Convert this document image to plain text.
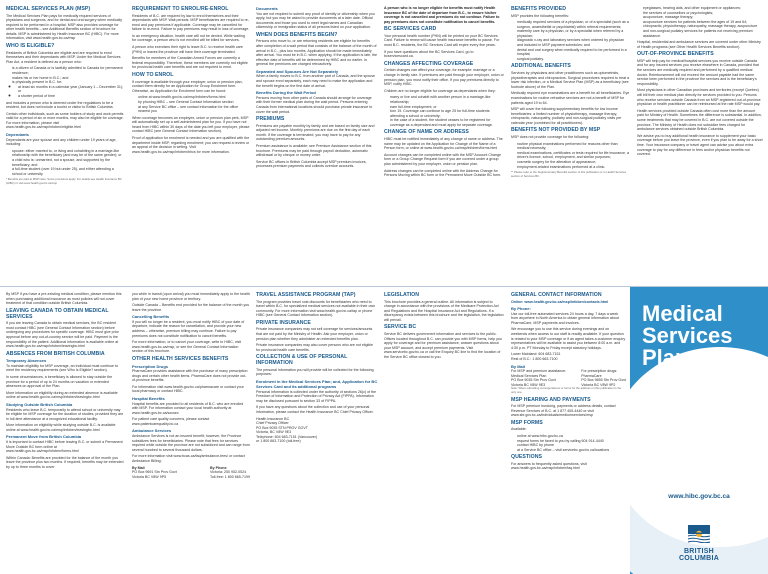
MEDICAL SERVICES PLAN (MSP)

The Medical Services Plan pays for medically required services of physicians and surgeons, and for dental and oral surgery when medically required to be performed in a hospital. MSP also provides coverage for other health benefits – see Additional Benefits section of brochure for details. MSP is administered by Health Insurance BC (HIBC). For more information, visit www.health.gov.bc.ca/msp

WHO IS ELIGIBLE?

Residents of British Columbia are eligible and are required to enrol themselves and their dependants with MSP. Under the Medical Services Plan Act, a resident is defined as a person who:

• is a citizen of Canada or is lawfully admitted to Canada for permanent residence;
• makes his or her home in B.C.; and
• is physically present in B.C. for:
◦ at least six months in a calendar year (January 1 – December 31); or
◦ a shorter period of time

and includes a person who is deemed under the regulations to be a resident, but does not include a tourist or visitor to British Columbia.

Certain other individuals, such as some holders of study and work permits valid for a period of six or more months, may also be eligible for coverage. For more information, please visit www.health.gov.bc.ca/msp/infoben/eligible.html

Dependants

Dependants are your spouse and any children under 19 years of age, including:

• spouse: either married to, or living and cohabiting in a marriage-like relationship with the beneficiary (and may be of the same gender); or
• a child who is: unmarried, not a spouse, and supported by the beneficiary; and
• a full-time student (over 19 but under 25), and either attending a school or university

* Benefits are paid at MSP rates. Some provisions apply. For details see Health Insurance BC (HIBC) or visit www.health.gov.bc.ca/msp

REQUIREMENT TO ENROL/RE-ENROL

Residents of B.C. are required by law to enrol themselves and their dependants with MSP. Wait periods: MSP beneficiaries are required to re-enrol and pay premiums if applicable. Coverage may be cancelled for failure to re-enrol. Failure to pay premiums may result in loss of coverage.

In an emergency situation, health care will not be denied. While waiting for coverage, a person who is not enrolled will be billed for services.

A person who exercises their right to leave B.C. to receive health care (PHN) or leaves the province will have their coverage terminated.

Benefits for members of the Canadian Armed Forces are currently a federal responsibility. Therefore, these members are currently not eligible for provincial health care benefits and are not required to enrol.

HOW TO ENROL

If coverage is available through your employer, union or pension plan, contact them directly for an Application for Group Enrolment form. Otherwise, an Application for Enrolment form can be found:

• online at www.health.gov.bc.ca/msp/infoben/forms.html
• by phoning HIBC – see General Contact Information section
• at any Service BC office – see contact information for the office nearest you

When coverage becomes an employee, union or pension plan perk, MSP will automatically set up a self-administered plan for you. If you have not heard from HIBC within 30 days of the date you left your employer, please contact HIBC (see General Contact Information section).

Proof of application for enrolment is needed and you are qualified with the department inside MSP, regarding enrolment; you can request a review or an appeal of the decision in writing. Visit www.health.gov.bc.ca/msp/infoben/bhcs for more information.

Documents

You are not required to submit any proof of identity or citizenship when you apply, but you may be asked to provide documents at a later date. Official documents and those you used to meet legal names and Canadian citizenship or immigration status of all persons listed on your application.

WHEN DOES BENEFITS BEGIN?

Persons who move to, or are returning residents are eligible for benefits after completion of a wait period that consists of the balance of the month of arrival in B.C., plus two months. Application should be made immediately after arrival. You must be in B.C. when applying. If the application is late, the effective date of benefits will be determined by HIBC and no earlier. In general the premiums are charged retroactively.

Separated and Spouses Are Not Separately

When a family moves to B.C. from another part of Canada, and the spouse and spouse enrol separately, each may need to make the application and the benefit begins on the first date of arrival.

Benefits During the Wait Period

Persons moving from other parts of Canada should arrange for coverage with their former medical plan during the wait period. Persons entering Canada from international locations should purchase private insurance to cover the wait period.

PREMIUMS

Premiums are payable monthly by family and are based on family size and adjusted net income. Monthly premiums are due on the first day of each month. If the coverage is terminated, you may have to pay for any outstanding premium amounts.

Premium assistance is available; see Premium Assistance section of this brochure. Premiums may be paid through payroll deduction, automatic withdrawal or by cheque or money order.

Service BC offices in British Columbia accept MSP premium invoices, processes premium payments and collects overdue accounts.

A person who is no longer eligible for benefits must notify Health Insurance BC of the date of departure from B.C., to ensure his/her coverage is not cancelled and premiums do not continue. Failure to pay premiums does not constitute notification to cancel benefits.

BC SERVICES CARD

Your personal health number (PHN) will be printed on your BC Services Card. Failure to renew will cause health insurance benefits to pause. For most B.C. residents, the BC Services Card will expire every five years.

If you have questions about the BC Services Card, go to bcservicescard.ca.

CHANGES AFFECTING COVERAGE

Certain changes can affect your coverage, for example: marriage or a change in family size. If premiums are paid through your employer, union or pension plan, you must notify their office. If you pay premiums directly to MSP, notify HIBC.

Children are no longer eligible for coverage as dependants when they:

• marry or live and cohabit with another person in a marriage-like relationship;
• earn full-time employment; or
• turn 19. Coverage can continue to age 25 for full-time students attending a school or university;
• in the case of a student, the student ceases to be registered for coverage as a dependant and must apply for separate coverage.
CHANGE OF NAME OR ADDRESS

HIBC must be notified immediately of any change of name or address. The name may be updated on the Application for Change of the Name of a Person form, or online at www.health.gov.bc.ca/msp/infoben/forms.html

Account changes can be completed online with the MSP Account Change form or a Group Change Request form if you are covered under a group plan administered by your employer, union or pension plan.

Address changes can be completed online with the Address Change for Persons Moving within BC form or the Permanent Move Outside BC form.

BENEFITS PROVIDED

MSP provides the following benefits:

• medically required services of a physician, or of a specialist (such as a surgeon, anaesthetist or psychiatrist) within referral requirements;
• maternity care by a physician, or by a specialist when referred by a physician;
• diagnostic x-ray and laboratory services when ordered by physician and included in MSP payment schedules; and
• dental and oral surgery when medically required to be performed in a hospital;
• surgical podiatry.
ADDITIONAL BENEFITS

Services by physicians and other practitioners such as optometrists, physiotherapists and chiropractors. Surgical procedures required to treat a lower risk infection, or a Medical Service Plan (MSP) as a beneficiary (see footnote above) of the Plan.

Medically required eye examinations are a benefit for all beneficiaries. Eye examinations for routine refractive services are not a benefit of MSP for patients aged 19 to 64.

MSP will cover the following supplementary benefits for low income beneficiaries: a limited number of physiotherapy, massage therapy, chiropractic, naturopathy, podiatry and non-surgical podiatry visits per calendar year (combined for all practitioners).

BENEFITS NOT PROVIDED BY MSP

MSP does not provide coverage for the following:

• routine physical examinations performed for reasons other than medical necessity;
• medical examinations, certificates or tests required for life insurance, a driver's licence, school, employment, and similar purposes;
• cosmetic surgery for the alteration of appearance;
• employment-related examinations performed at a clinic.

** Please refer to the Supplementary Benefits section of this publication or to Health Services section of Services BC.

• eyeglasses, hearing aids, and other equipment or appliances;
• the services of counsellors or psychologists;
• acupuncture, massage therapy;
• acupuncture services for patients between the ages of 19 and 64;
• chiropractic, physiotherapy, naturopathy, massage therapy, acupuncture and non-surgical podiatry services for patients not receiving premium assistance.

Hospital, residential and ambulance services are covered under other Ministry of Health programs (see Other Health Services Benefits section).

OUT-OF-PROVINCE BENEFITS

MSP will help pay for medical/hospital services you receive outside Canada and for any insured services you receive elsewhere in Canada, provided that the services are medically required and performed by a qualified medical doctor. Reimbursement will not exceed the amount payable had the same service been performed in the province the services and is the beneficiary's responsibility.

Most physicians in other Canadian provinces and territories (except Quebec) will bill their own medical plan directly for services provided to you. Persons who receive services outside Canada from an MSP-registered out-of-province physician or health practitioner can be reimbursed at the rate MSP would pay.

Health services provided outside Canada often cost more than the amount paid for Ministry of Health. Sometimes the difference is substantial. In addition, some treatments that may be covered in B.C. are not covered outside the province. The Ministry of Health does not subsidize fees charged for ambulance services obtained outside British Columbia.

We advise you to buy additional health insurance to supplement your basic coverage before you leave the province, even if you plan to be away for a short time. Your insurance company or travel agent can advise you about extra coverage to pay for any difference in fees and/or physician benefits not covered.

By MSP if you have a pre-existing medical condition, please mention this when purchasing additional insurance as most policies will not cover treatment of that condition outside British Columbia.

LEAVING CANADA TO OBTAIN MEDICAL SERVICES

If you are leaving Canada to obtain medical services, the BC resident must contact HIBC (see General Contact Information section) before undergoing any procedures for specific coverage. HIBC must give prior approval before any out-of-country service will be paid. Payment is the responsibility of the patient. Additional information is available online at www.health.gov.bc.ca/msp/infoben/leavingbc.html

ABSENCES FROM BRITISH COLUMBIA
Temporary Absences

To maintain eligibility for MSP coverage, an individual must continue to meet the residency requirements (see Who Is Eligible? section).

In some circumstances, a beneficiary is allowed to stay outside the province for a period of up to 24 months on vacation or extended absences on approval of the Plan.

More information on eligibility during an extended absence is available online at www.health.gov.bc.ca/msp/infoben/leavingbc.html

Studying Outside British Columbia

Residents who leave B.C. temporarily to attend school or university may be eligible for MSP coverage for the duration of studies, provided they are in full-time attendance at a recognized educational facility.

More information on eligibility while studying outside B.C. is available online at www.health.gov.bc.ca/msp/infoben/leavingbc.html

Permanent Move from British Columbia

It is important to contact HIBC before leaving B.C. or submit a Permanent Move Outside BC form online at www.health.gov.bc.ca/msp/infoben/forms.html

Within Canada: Benefits are provided for the balance of the month you leave the province plus two months. If required, benefits may be extended by up to three months to cover

you while in transit (upon arrival) you must immediately apply to the health plan of your new home province or territory.

Outside Canada – Benefits end provided for the balance of the month you leave the province.

Cancelling Benefits

If you will no longer be a resident, you must notify HIBC of your date of departure, indicate the reason for cancellation, and provide your new address – otherwise, premium billing may continue. Failure to pay premiums does not constitute notification to cancel benefits.

For more information, or to cancel your coverage, write to HIBC, visit www.health.gov.bc.ca/msp, or see the General Contact Information section of this brochure.

OTHER HEALTH SERVICES BENEFITS
Prescription Drugs

PharmaCare provides assistance with the purchase of many prescription drugs and certain other health items. PharmaCare does not provide out-of-province benefits.

For information visit www.health.gov.bc.ca/pharmacare or contact your local pharmacy or contact HIBC.

Hospital Benefits

Hospital benefits are provided to all residents of B.C. who are enrolled with MSP. For information contact your local health authority at www.health.gov.bc.ca/socsec

For patient care quality concerns, please contact www.patientcarequality.bc.ca

Ambulance Services

Ambulance Services is not an insured benefit; however, the Province subsidizes fees for beneficiaries. Please note that fees for services required while outside the province are not subsidized and can range from several hundred to several thousand dollars.

For more information visit www.bcas.ca/faq/ambulance-fees/ or contact Ambulance Billing:

By Mail
PO Box 9691 Stn Prov Govt
Victoria BC V8W 9P5
By Phone
Victoria: 250 952-0524
Toll-free: 1 800 665-7199
TRAVEL ASSISTANCE PROGRAM (TAP)

The program provides travel cost discounts for beneficiaries who need to travel within B.C. for specialized medical services not available in their own community. For more information visit www.health.gov.bc.ca/tap or phone HIBC (see General Contact Information section).

PRIVATE INSURANCE

Private insurance companies may not sell coverage for services/amounts that are not paid by the Ministry of Health. Ask your employer, union or pension plan whether they administer an extended benefits plan.

Private insurance companies may also cover persons who are not eligible for provincial health care benefits.

COLLECTION & USE OF PERSONAL INFORMATION

The personal information you will provide will be collected for the following purposes:

Enrolment in the Medical Services Plan; and, Application for BC Services Card and its additional programs

Personal information is collected under the authority of sections 26(c) of the Freedom of Information and Protection of Privacy Act (FIPPA). Information may be disclosed pursuant to section 33 of FIPPA.

If you have any questions about the collection and use of your personal information, please contact the Health Insurance BC Chief Privacy Officer.

Health Insurance BC
Chief Privacy Officer
PO Box 9035 STN PROV GOVT
Victoria, BC V8W 9E3
Telephone: 604 683-7151 (Vancouver)
or 1 800 663-7100 (toll-free)
LEGISLATION

This brochure provides a general outline. All information is subject to change in accordance with the provisions of the Medicare Protection Act and Regulations and the Hospital Insurance Act and Regulations. If a discrepancy exists between this brochure and the legislation, the legislation will prevail.

SERVICE BC

Service BC delivers government information and services to the public. Offices located throughout B.C. can provide you with MSP forms, help you apply for coverage and for premium assistance, answer questions about your MSP account, and accept premium payments. Visit www.servicebc.gov.bc.ca or call the Enquiry BC line to find the location of the Service BC office closest to you.

GENERAL CONTACT INFORMATION

Online: www.health.gov.bc.ca/msp/infoben/contacts.html

By Phone:

Use our toll-free automated services 24 hours a day, 7 days a week from anywhere in North America to obtain general information about PharmaCare, MSP payments and invoices.

We encourage you to use this service during evenings and on weekends when access to our staff is readily available. If your question is related to your MSP coverage or if an agent takes a customer enquiry representatives will be available to assist you between 8:00 a.m. and 4:30 p.m. PT Monday to Friday except statutory holidays.

Lower Mainland: 604 683-7151
Rest of B.C.: 1 800 663-7100
By Mail
For MSP and premium assistance:
Medical Services Plan
PO Box 9035 Stn Prov Govt
Victoria BC V8W 9E3
For prescription drugs:
PharmaCare
PO Box 9655 Stn Prov Govt
Victoria BC V8W 9P2

Note: When submitting correspondence or forms for the address on this publication is the only one.

MSP HEARING AND PAYMENTS

For MSP premium invoicing, payments or address details, contact Revenue Services of B.C. at 1 877 405-4440 or visit www.sbr.gov.bc.ca/individuals/mediumservices/msp

MSP FORMS

Available:

• online at www.hibc.gov.bc.ca
• request forms be faxed to you by calling 604 914-4440
• contact HIBC by phone
• at a Service BC office – visit servicebc.gov.bc.ca/locations
QUESTIONS

For answers to frequently asked questions, visit www.health.gov.bc.ca/msp/infoben/faq.html

Medical
Services
Plan
www.hibc.gov.bc.ca
BRITISH
COLUMBIA
